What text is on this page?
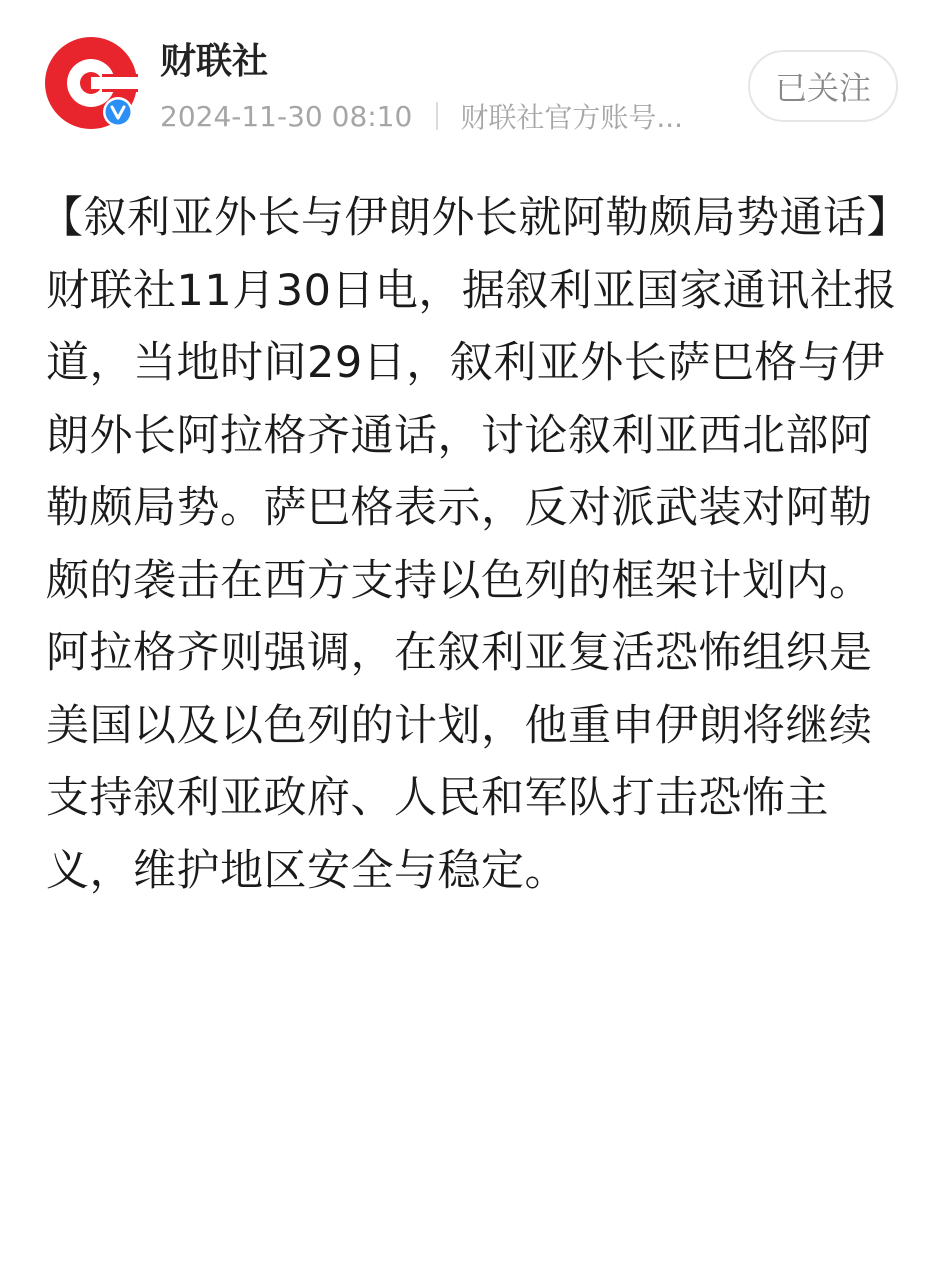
财联社
2024-11-30 08:10 财联社官方账号...
已关注

【叙利亚外长与伊朗外长就阿勒颇局势通话】财联社11月30日电，据叙利亚国家通讯社报道，当地时间29日，叙利亚外长萨巴格与伊朗外长阿拉格齐通话，讨论叙利亚西北部阿勒颇局势。萨巴格表示，反对派武装对阿勒颇的袭击在西方支持以色列的框架计划内。阿拉格齐则强调，在叙利亚复活恐怖组织是美国以及以色列的计划，他重申伊朗将继续支持叙利亚政府、人民和军队打击恐怖主义，维护地区安全与稳定。
